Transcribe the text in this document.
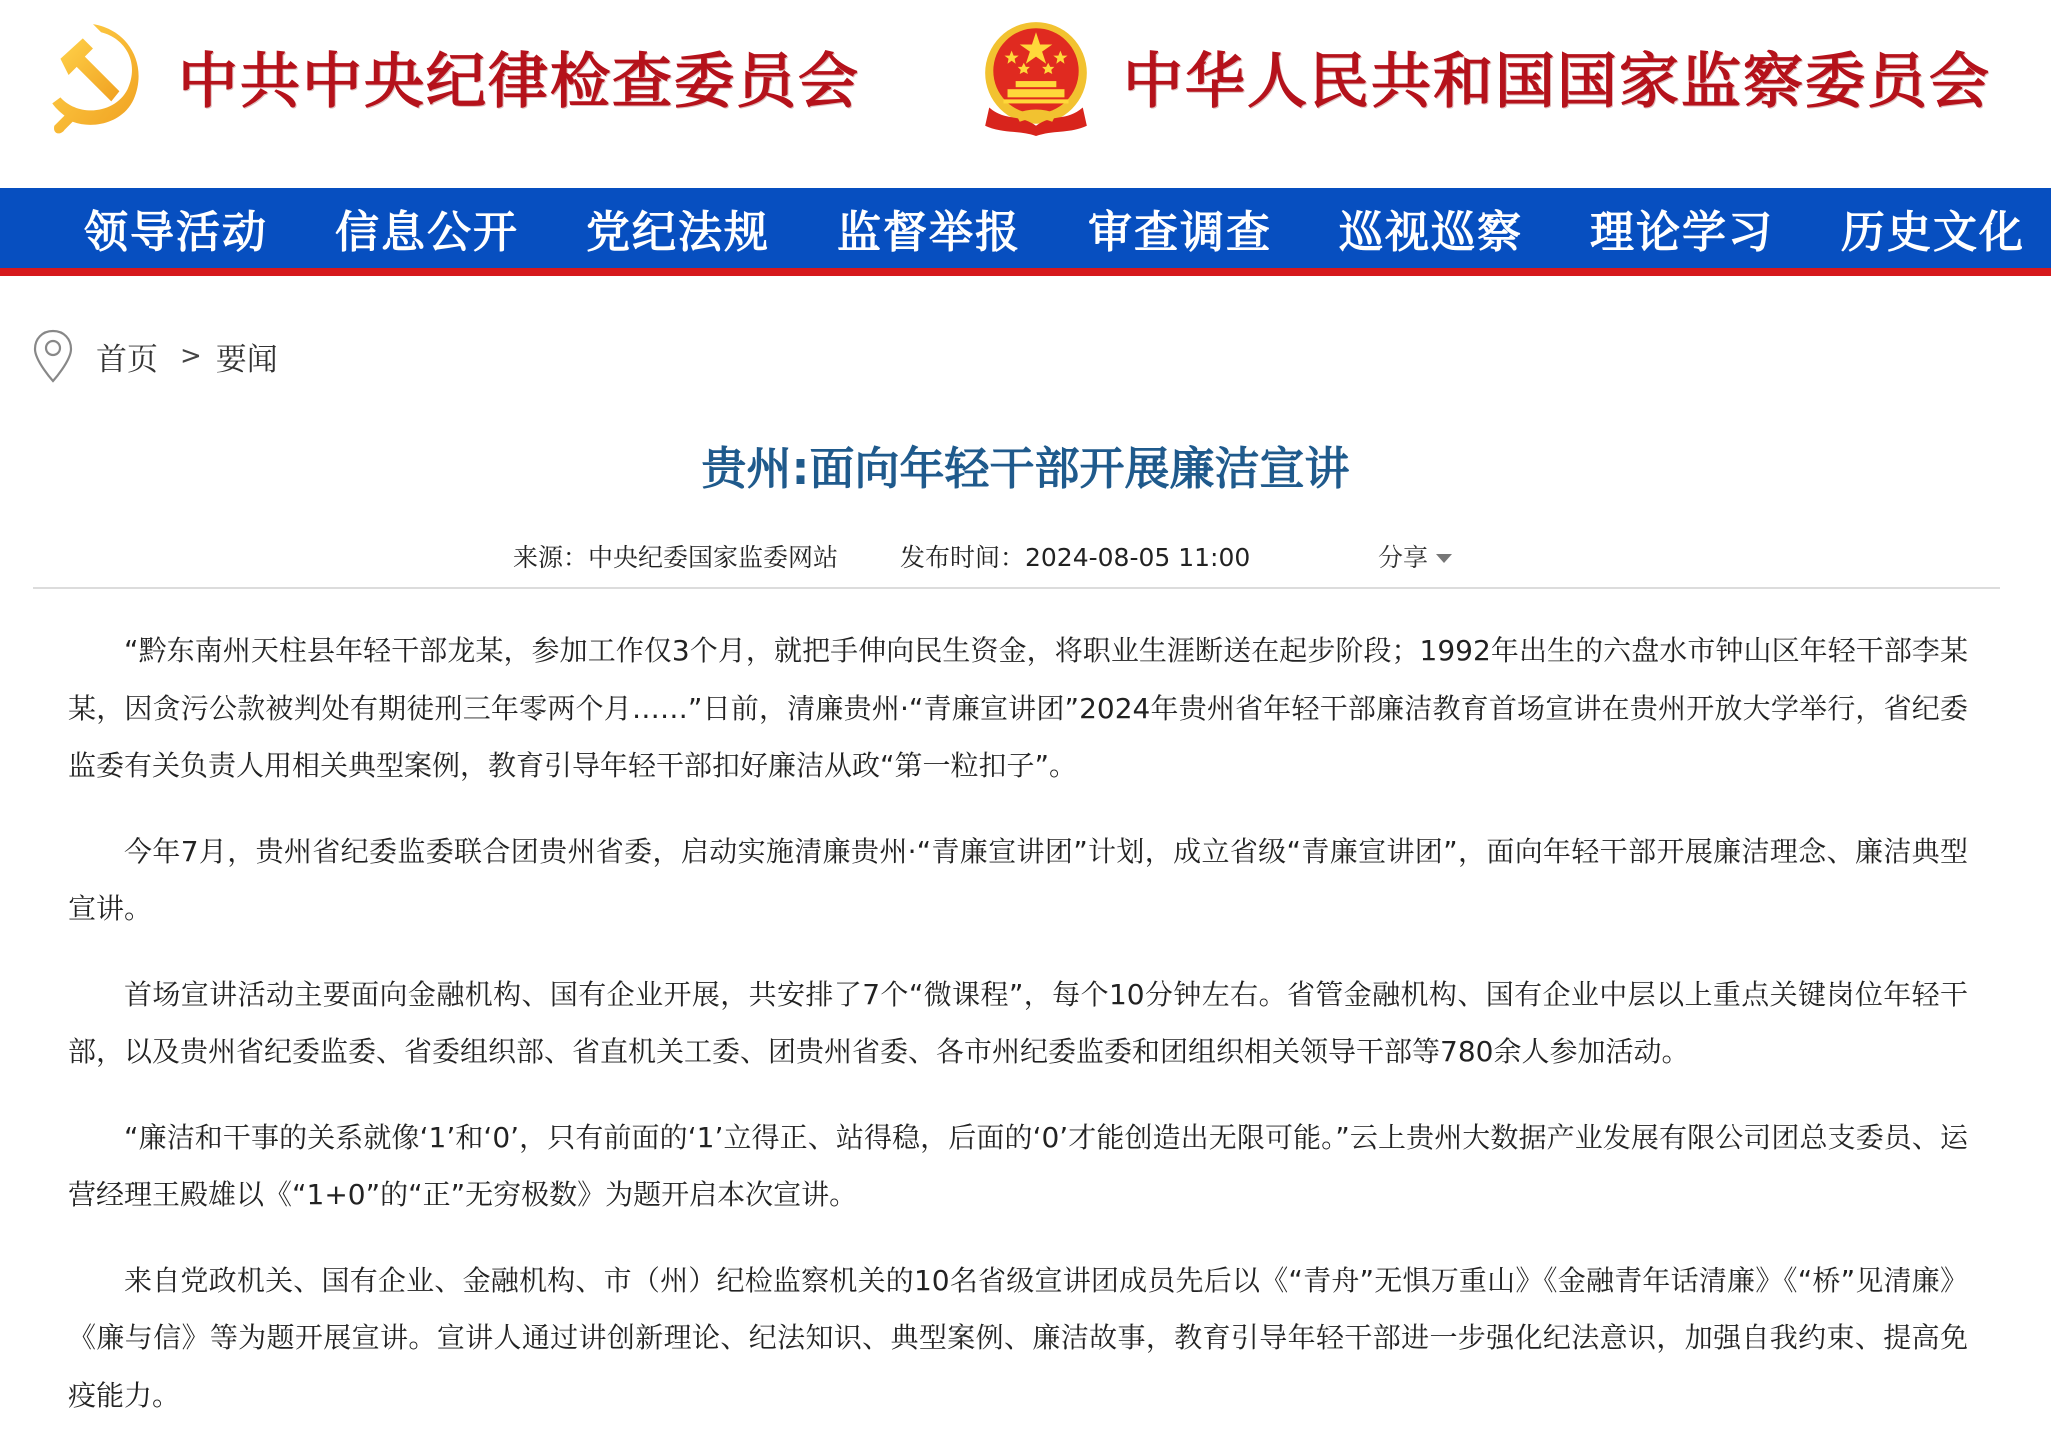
中共中央纪律检查委员会	中华人民共和国国家监察委员会
领导活动 信息公开 党纪法规 监督举报 审查调查 巡视巡察 理论学习 历史文化
首页 > 要闻
贵州:面向年轻干部开展廉洁宣讲
来源：中央纪委国家监委网站 发布时间：2024-08-05 11:00	分享

“黔东南州天柱县年轻干部龙某，参加工作仅3个月，就把手伸向民生资金，将职业生涯断送在起步阶段；1992年出生的六盘水市钟山区年轻干部李某某，因贪污公款被判处有期徒刑三年零两个月……”日前，清廉贵州·“青廉宣讲团”2024年贵州省年轻干部廉洁教育首场宣讲在贵州开放大学举行，省纪委监委有关负责人用相关典型案例，教育引导年轻干部扣好廉洁从政“第一粒扣子”。

今年7月，贵州省纪委监委联合团贵州省委，启动实施清廉贵州·“青廉宣讲团”计划，成立省级“青廉宣讲团”，面向年轻干部开展廉洁理念、廉洁典型宣讲。

首场宣讲活动主要面向金融机构、国有企业开展，共安排了7个“微课程”，每个10分钟左右。省管金融机构、国有企业中层以上重点关键岗位年轻干部，以及贵州省纪委监委、省委组织部、省直机关工委、团贵州省委、各市州纪委监委和团组织相关领导干部等780余人参加活动。

“廉洁和干事的关系就像‘1’和‘0’，只有前面的‘1’立得正、站得稳，后面的‘0’才能创造出无限可能。”云上贵州大数据产业发展有限公司团总支委员、运营经理王殿雄以《“1+0”的“正”无穷极数》为题开启本次宣讲。

来自党政机关、国有企业、金融机构、市（州）纪检监察机关的10名省级宣讲团成员先后以《“青舟”无惧万重山》《金融青年话清廉》《“桥”见清廉》《廉与信》等为题开展宣讲。宣讲人通过讲创新理论、纪法知识、典型案例、廉洁故事，教育引导年轻干部进一步强化纪法意识，加强自我约束、提高免疫能力。
